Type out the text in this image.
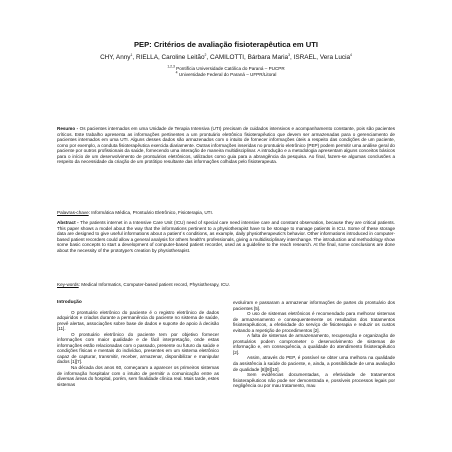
PEP: Critérios de avaliação fisioterapêutica em UTI
CHY, Anny$^1$, RIELLA, Caroline Leitão$^2$, CAMILOTTI, Bárbara Maria$^3$, ISRAEL, Vera Lucia$^4$
$^{1,2,3}$ Pontifícia Universidade Católica do Paraná – PUCPR
$^4$ Universidade Federal do Paraná – UFPR/Litoral
Resumo - Os pacientes internados em uma Unidade de Terapia Intensiva (UTI) precisam de cuidados intensivos e acompanhamento constante, pois são pacientes críticos. Este trabalho apresenta as informações pertinentes a um prontuário eletrônico fisioterapêutico que devem ser armazenadas para o gerenciamento de pacientes internados em uma UTI. Alguns desses dados são armazenados com o intuito de fornecer informações úteis a respeito das condições de um paciente, como por exemplo, a conduta fisioterapêutica exercida diariamente. Outras informações inseridas no prontuário eletrônico (PEP) podem permitir uma análise geral do paciente por outros profissionais da saúde, fornecendo uma interação de maneira multidisciplinar. A introdução e a metodologia apresentam alguns conceitos básicos para o início de um desenvolvimento de prontuários eletrônicos, utilizados como guia para a abrangência da pesquisa. Ao final, fazem-se algumas conclusões a respeito da necessidade da criação de um protótipo resultante das informações colhidas pelo fisioterapeuta.
Palavras-chave: Informática Médica, Prontuário Eletrônico, Fisioterapia, UTI.
Abstract - The patients internet in a Intensive Care Unit (ICU) need of special care need intensive care and constant observation, because they are critical patients. This paper shows a model about the way that the informations pertinent to a physiotherapist have to be storage to manage patients in ICU. Some of these storage data are designed to give useful informations about a patient´s conditions, as example, daily physiotherapeutic's behavior. Other informations introduced in computer-based patient recorders could allow a general analysis for others health's professionals, giving a multidisciplinary interchange. The introduction and methodology show some basic concepts to start a development of computer-based patient recorder, used as a guideline to the reach research. At the final, some conclusions are done about the necessity of the prototype's creation by physiotherapist.
Key-words: Medical Informatics, Computer-based patient record, Physiotherapy, ICU.
Introdução

O prontuário eletrônico do paciente é o registro eletrônico de dados adquiridos e criados durante a permanência do paciente no sistema de saúde, prevê alertas, associações sobre base de dados e suporte de apoio à decisão [11].

O prontuário eletrônico do paciente tem por objetivo fornecer informações com maior qualidade e de fácil interpretação, onde estas informações estão relacionadas com o passado, presente ou futuro da saúde e condições físicas e mentais do indivíduo, presentes em um sistema eletrônico capaz de capturar, transmitir, receber, armazenar, disponibilizar e manipular dados [1][7].

Na década dos anos 60, começaram a aparecer os primeiros sistemas de informação hospitalar com o intuito de permitir a comunicação entre as diversas áreas do hospital, porém, sem finalidade clínica real. Mais tarde, estes sistemas

evoluíram e passaram a armazenar informações de partes do prontuário dos pacientes [5].

O uso de sistemas eletrônicos é recomendado para melhorar sistemas de armazenamento e consequentemente os resultados dos tratamentos fisioterapêuticos, a efetividade do serviço de fisioterapia e reduzir os custos evitando a repetição de procedimentos [2].

A falta de sistemas de armazenamento, recuperação e organização de prontuários podem comprometer o desenvolvimento de sistemas de informação e, em consequência, a qualidade do atendimento fisioterapêutico [2].

Assim, através do PEP, é possível se obter uma melhora na qualidade da assistência à saúde do paciente, e, ainda, a possibilidade de uma avaliação de qualidade [8][9][10].

Sem evidências documentadas, a efetividade de tratamentos fisioterapêuticos não pode ser demonstrada e, possíveis processos legais por negligência ou por mau tratamento, mau
